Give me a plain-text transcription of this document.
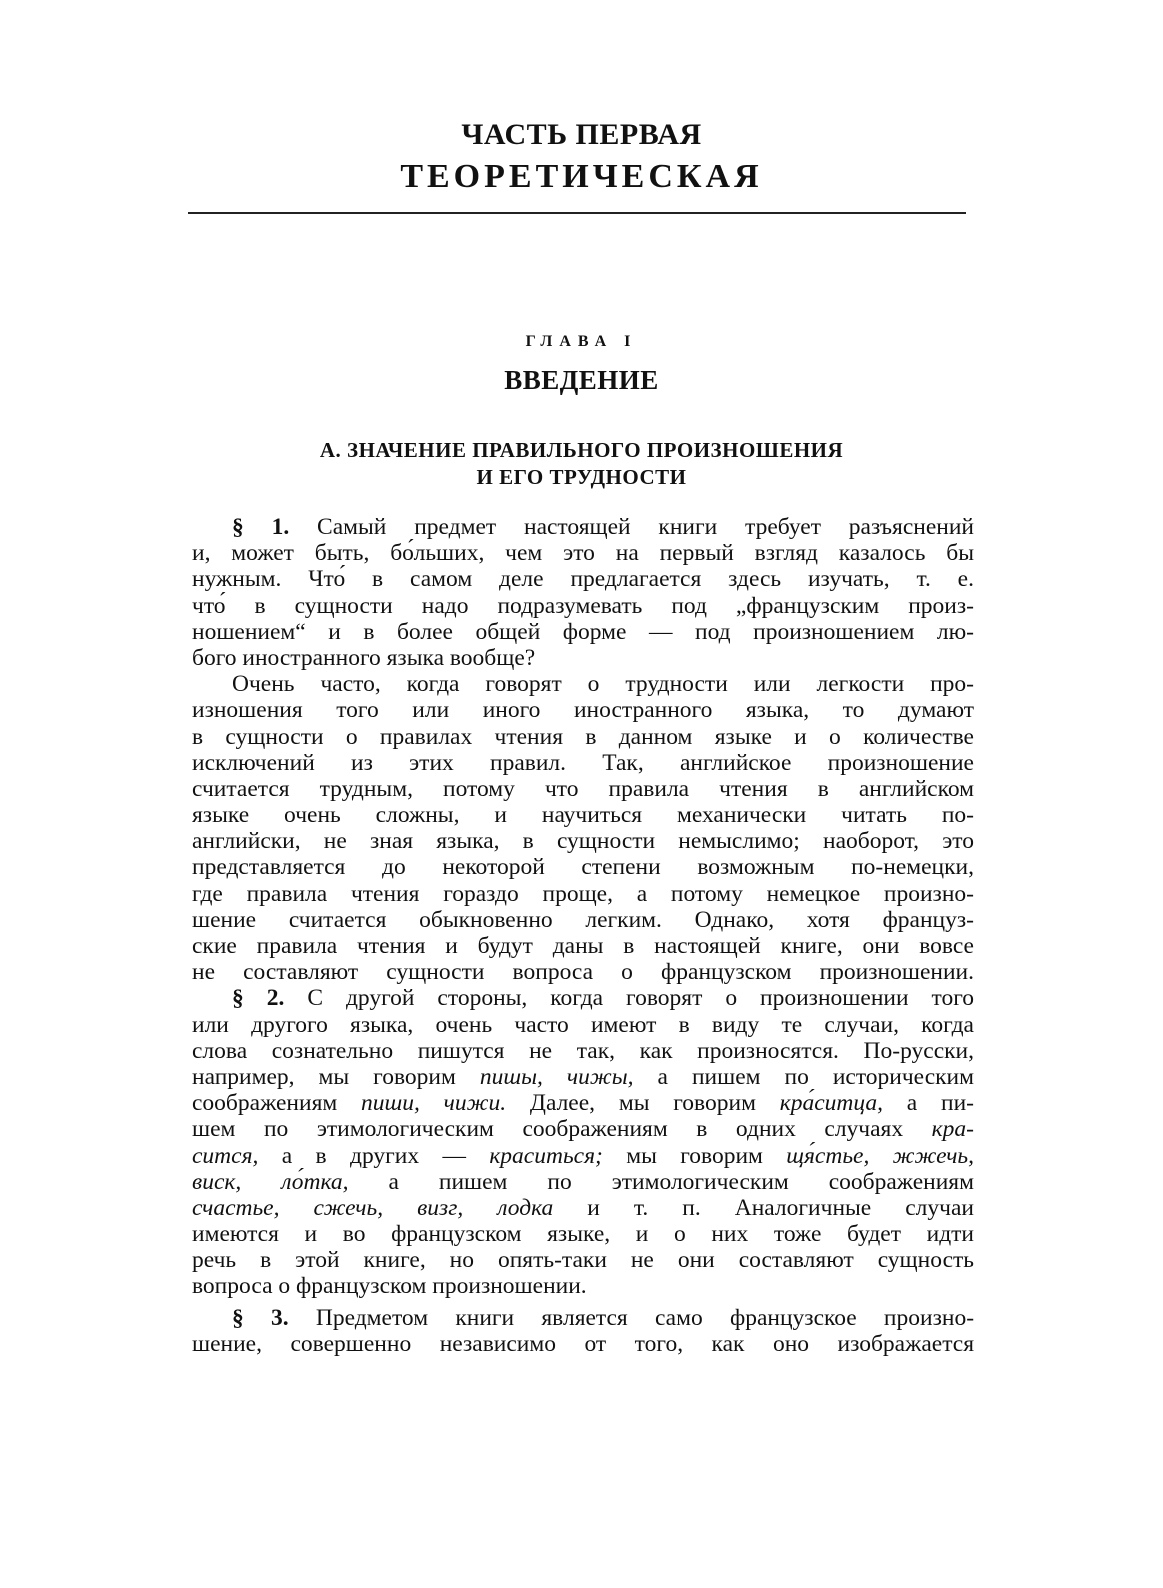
ЧАСТЬ ПЕРВАЯ
ТЕОРЕТИЧЕСКАЯ
ГЛАВА I
ВВЕДЕНИЕ
А. ЗНАЧЕНИЕ ПРАВИЛЬНОГО ПРОИЗНОШЕНИЯ
И ЕГО ТРУДНОСТИ
§ 1. Самый предмет настоящей книги требует разъяснений
и, может быть, бо́льших, чем это на первый взгляд казалось бы
нужным. Что́ в самом деле предлагается здесь изучать, т. е.
что́ в сущности надо подразумевать под „французским произ-
ношением“ и в более общей форме — под произношением лю-
бого иностранного языка вообще?
Очень часто, когда говорят о трудности или легкости про-
изношения того или иного иностранного языка, то думают
в сущности о правилах чтения в данном языке и о количестве
исключений из этих правил. Так, английское произношение
считается трудным, потому что правила чтения в английском
языке очень сложны, и научиться механически читать по-
английски, не зная языка, в сущности немыслимо; наоборот, это
представляется до некоторой степени возможным по-немецки,
где правила чтения гораздо проще, а потому немецкое произно-
шение считается обыкновенно легким. Однако, хотя француз-
ские правила чтения и будут даны в настоящей книге, они вовсе
не составляют сущности вопроса о французском произношении.
§ 2. С другой стороны, когда говорят о произношении того
или другого языка, очень часто имеют в виду те случаи, когда
слова сознательно пишутся не так, как произносятся. По-русски,
например, мы говорим пишы, чижы, а пишем по историческим
соображениям пиши, чижи. Далее, мы говорим кра́ситца, а пи-
шем по этимологическим соображениям в одних случаях кра-
сится, а в других — краситься; мы говорим щя́стье, жжечь,
виск, ло́тка, а пишем по этимологическим соображениям
счастье, сжечь, визг, лодка и т. п. Аналогичные случаи
имеются и во французском языке, и о них тоже будет идти
речь в этой книге, но опять-таки не они составляют сущность
вопроса о французском произношении.
§ 3. Предметом книги является само французское произно-
шение, совершенно независимо от того, как оно изображается
